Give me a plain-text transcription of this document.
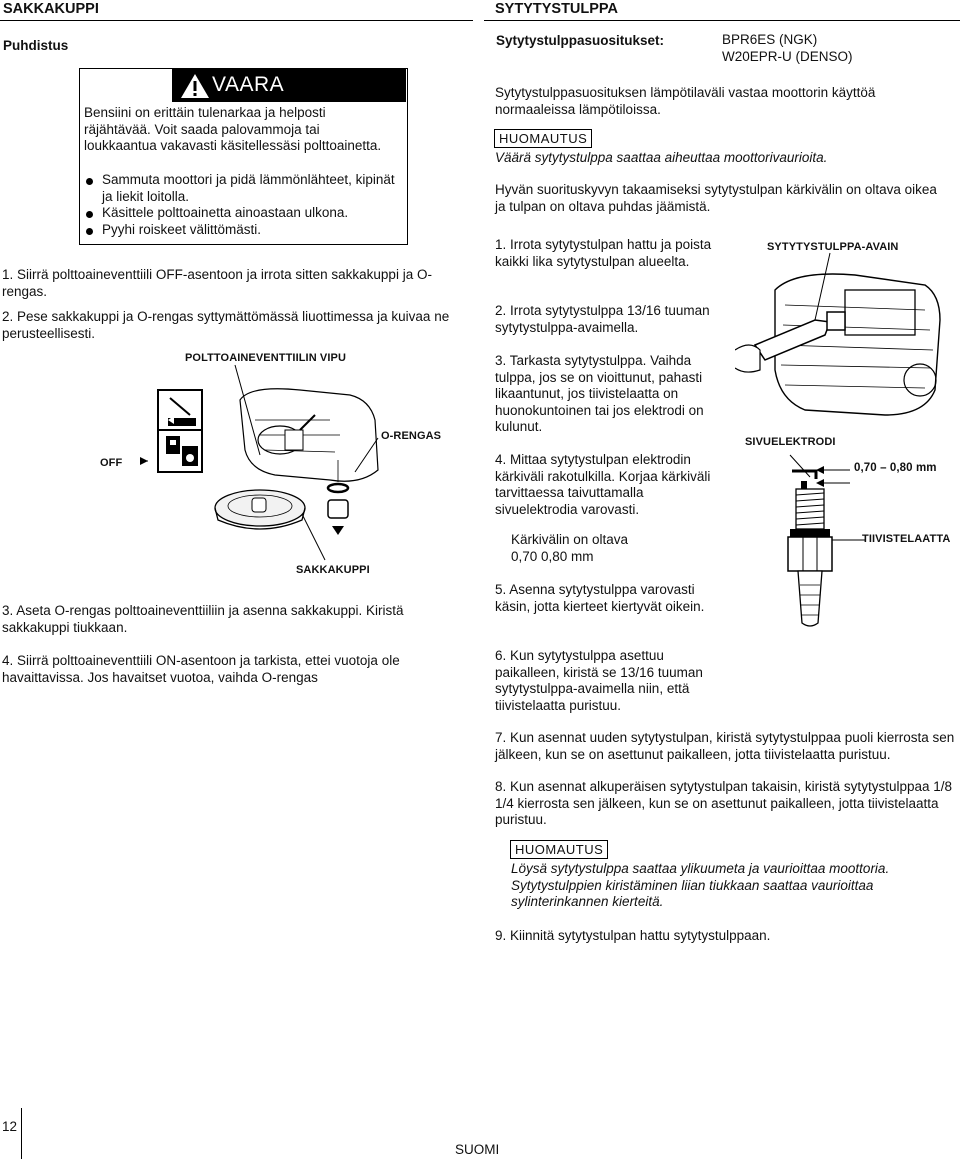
SAKKAKUPPI
Puhdistus
VAARA
Bensiini on erittäin tulenarkaa ja helposti räjähtävää. Voit saada palovammoja tai loukkaantua vakavasti käsitellessäsi polttoainetta.
Sammuta moottori ja pidä lämmönlähteet, kipinät ja liekit loitolla.
Käsittele polttoainetta ainoastaan ulkona.
Pyyhi roiskeet välittömästi.
1. Siirrä polttoaineventtiili OFF-asentoon ja irrota sitten sakkakuppi ja O-rengas.
2. Pese sakkakuppi ja O-rengas syttymättömässä liuottimessa ja kuivaa ne perusteellisesti.
POLTTOAINEVENTTIILIN VIPU
O-RENGAS
OFF
SAKKAKUPPI
3. Aseta O-rengas polttoaineventtiiliin ja asenna sakkakuppi. Kiristä sakkakuppi tiukkaan.
4. Siirrä polttoaineventtiili ON-asentoon ja tarkista, ettei vuotoja ole havaittavissa. Jos havaitset vuotoa, vaihda O-rengas
SYTYTYSTULPPA
Sytytystulppasuositukset:	BPR6ES (NGK)
W20EPR-U (DENSO)
Sytytystulppasuosituksen lämpötilaväli vastaa moottorin käyttöä normaaleissa lämpötiloissa.
HUOMAUTUS
Väärä sytytystulppa saattaa aiheuttaa moottorivaurioita.
Hyvän suorituskyvyn takaamiseksi sytytystulpan kärkivälin on oltava oikea ja tulpan on oltava puhdas jäämistä.
1. Irrota sytytystulpan hattu ja poista kaikki lika sytytystulpan alueelta.
2. Irrota sytytystulppa 13/16 tuuman sytytystulppa-avaimella.
3. Tarkasta sytytystulppa. Vaihda tulppa, jos se on vioittunut, pahasti likaantunut, jos tiivistelaatta on huonokuntoinen tai jos elektrodi on kulunut.
4. Mittaa sytytystulpan elektrodin kärkiväli rakotulkilla. Korjaa kärkiväli tarvittaessa taivuttamalla sivuelektrodia varovasti.
Kärkivälin on oltava
0,70 0,80 mm
5. Asenna sytytystulppa varovasti käsin, jotta kierteet kiertyvät oikein.
6. Kun sytytystulppa asettuu paikalleen, kiristä se 13/16 tuuman sytytystulppa-avaimella niin, että tiivistelaatta puristuu.
SYTYTYSTULPPA-AVAIN
SIVUELEKTRODI
0,70 – 0,80 mm
TIIVISTELAATTA
7. Kun asennat uuden sytytystulpan, kiristä sytytystulppaa puoli kierrosta sen jälkeen, kun se on asettunut paikalleen, jotta tiivistelaatta puristuu.
8. Kun asennat alkuperäisen sytytystulpan takaisin, kiristä sytytystulppaa 1/8 1/4 kierrosta sen jälkeen, kun se on asettunut paikalleen, jotta tiivistelaatta puristuu.
HUOMAUTUS
Löysä sytytystulppa saattaa ylikuumeta ja vaurioittaa moottoria. Sytytystulppien kiristäminen liian tiukkaan saattaa vaurioittaa sylinterinkannen kierteitä.
9. Kiinnitä sytytystulpan hattu sytytystulppaan.
12
SUOMI
